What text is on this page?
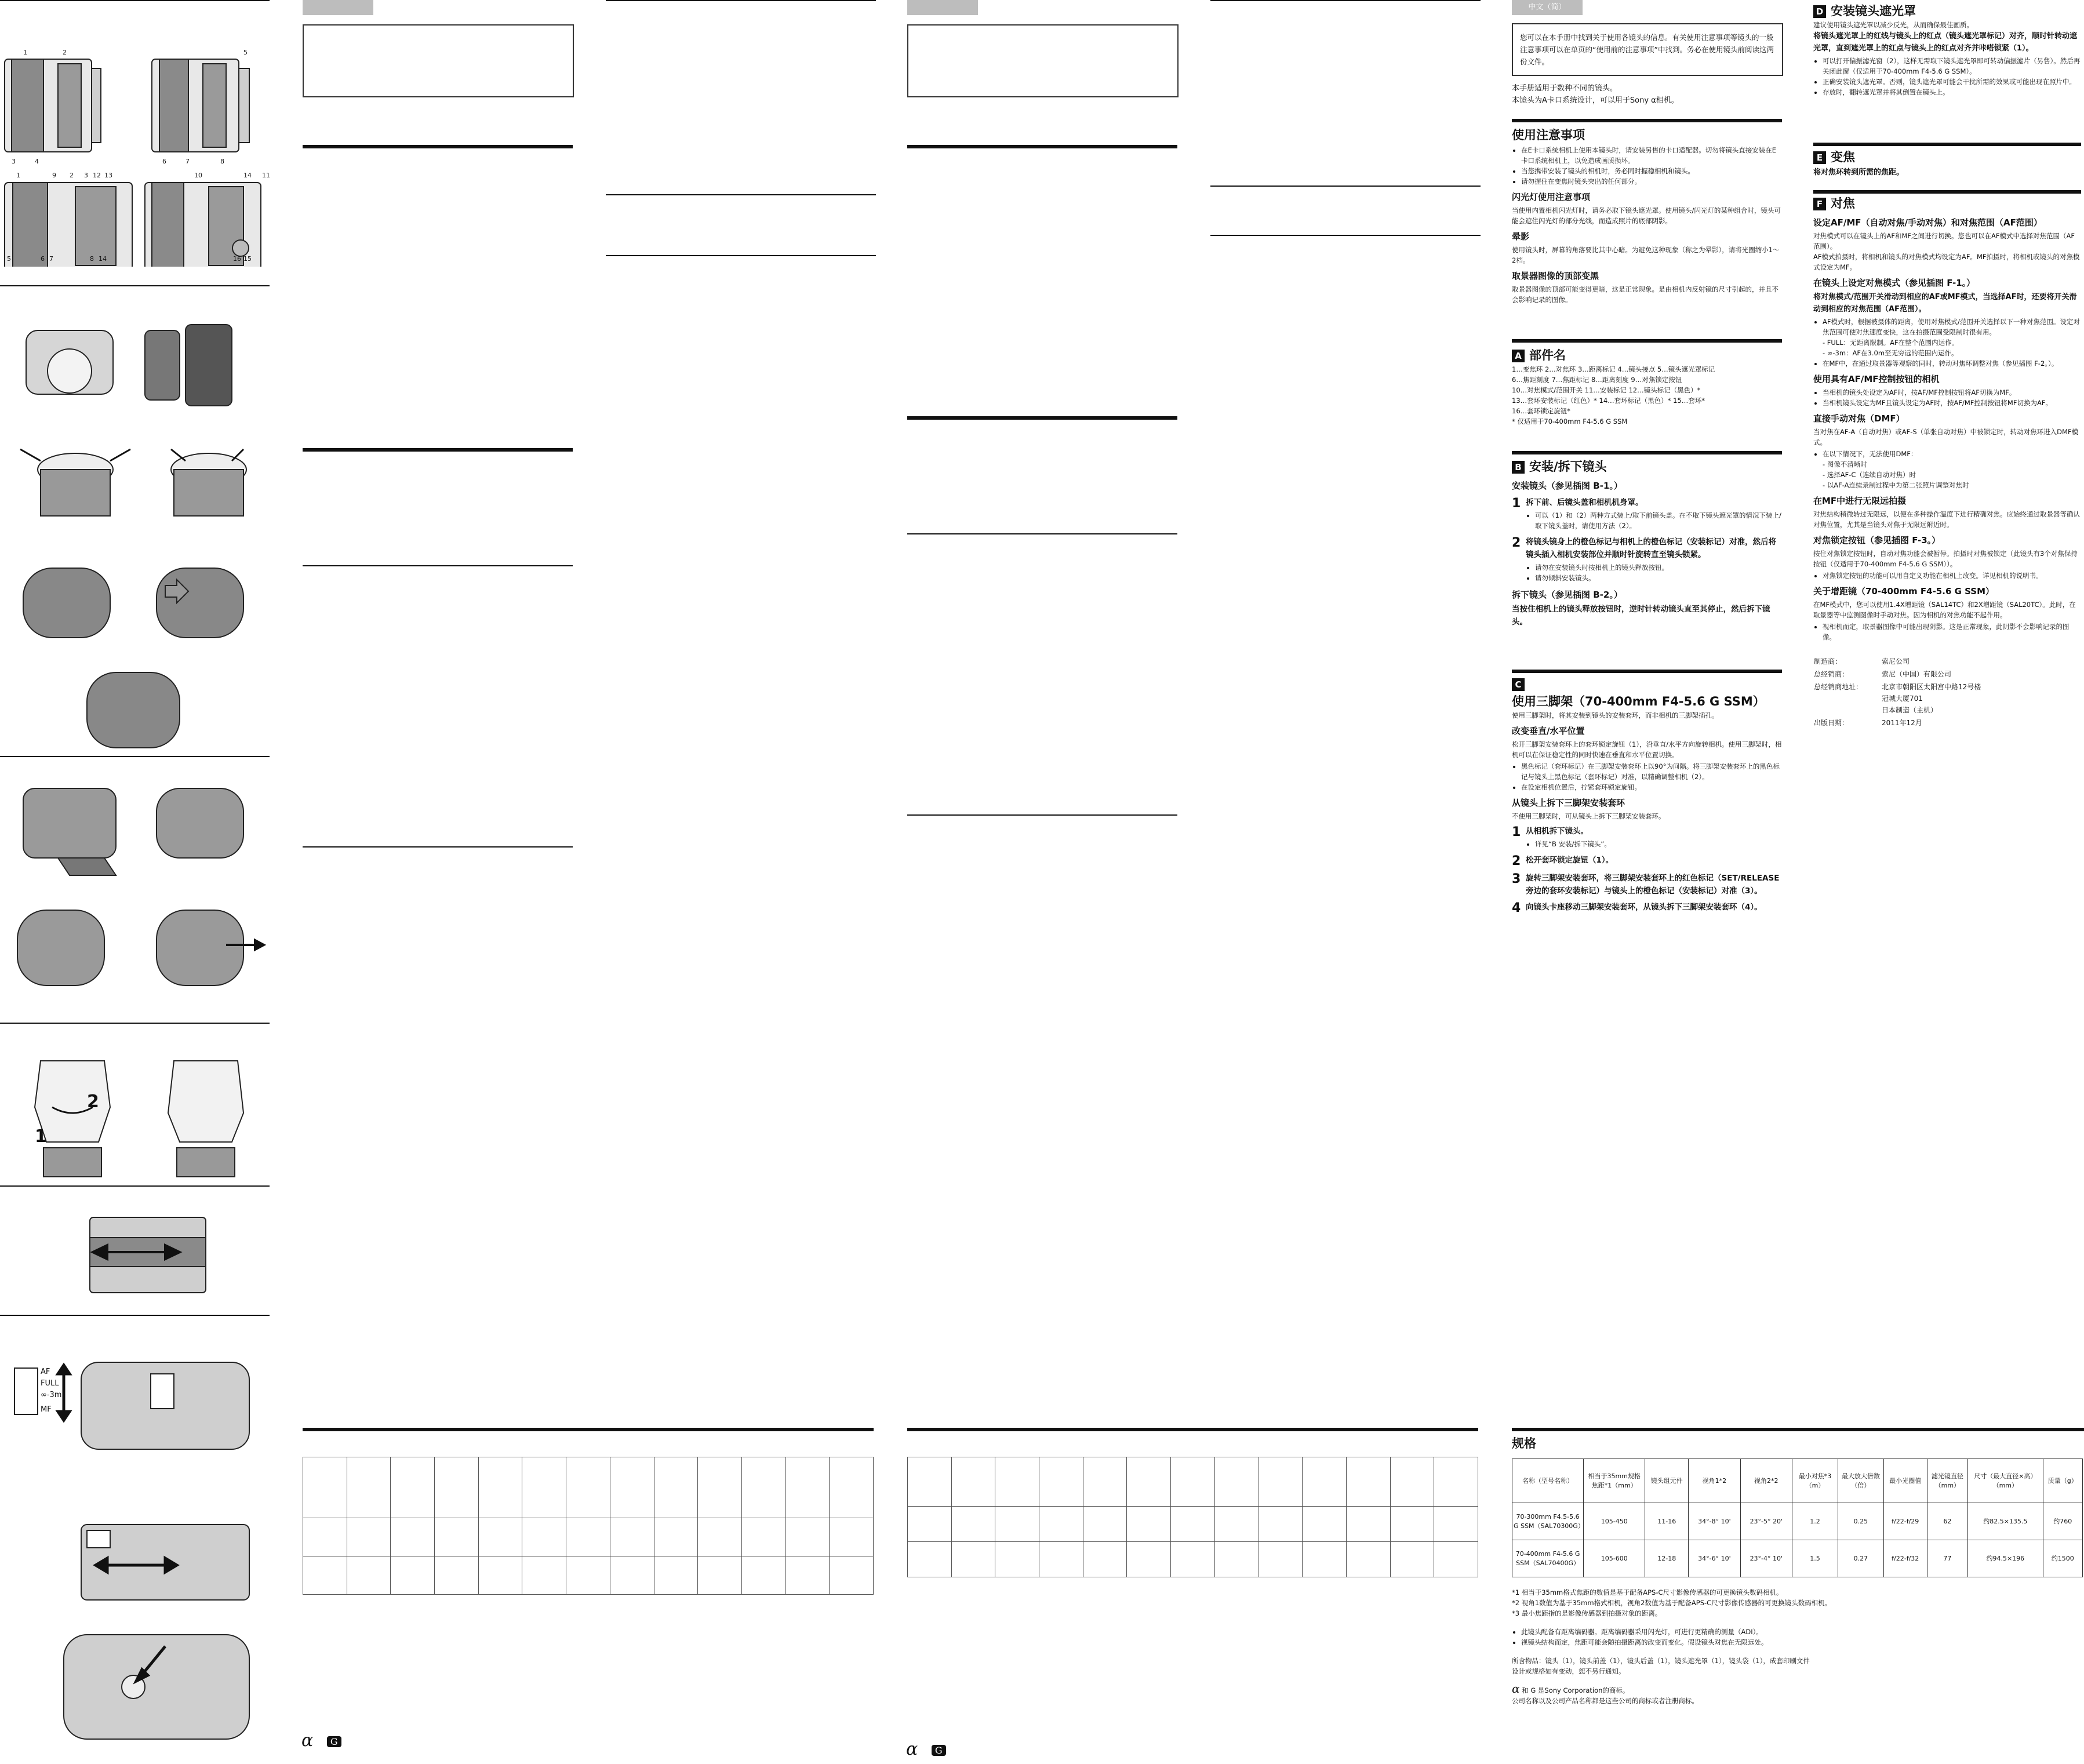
1	2
3	4
5
6	7	8
1	9 2 3 12 13	10	14 11
5	6 7	8 14	16 15
2
1
AF
FULL
∞-3m
MF

α G

													α G
中文（简）
您可以在本手册中找到关于使用各镜头的信息。有关使用注意事项等镜头的一般注意事项可以在单页的“使用前的注意事项”中找到。务必在使用镜头前阅读这两份文件。
本手册适用于数种不同的镜头。
本镜头为A卡口系统设计，可以用于Sony α相机。
使用注意事项
• 在E卡口系统相机上使用本镜头时，请安装另售的卡口适配器。切勿将镜头直接安装在E卡口系统相机上，以免造成画质损坏。
• 当您携带安装了镜头的相机时，务必同时握稳相机和镜头。
• 请勿握住在变焦时镜头突出的任何部分。
闪光灯使用注意事项
当使用内置相机闪光灯时，请务必取下镜头遮光罩。使用镜头/闪光灯的某种组合时，镜头可能会遮住闪光灯的部分光线，而造成照片的底部阴影。
晕影
使用镜头时，屏幕的角落要比其中心暗。为避免这种现象（称之为晕影），请将光圈缩小1～2档。
取景器图像的顶部变黑
取景器图像的顶部可能变得更暗，这是正常现象。是由相机内反射镜的尺寸引起的，并且不会影响记录的图像。
A 部件名
1…变焦环 2…对焦环 3…距离标记 4…镜头接点 5…镜头遮光罩标记
6…焦距刻度 7…焦距标记 8…距离刻度 9…对焦锁定按钮
10…对焦模式/范围开关 11…安装标记 12…镜头标记（黑色）*
13…套环安装标记（红色）* 14…套环标记（黑色）* 15…套环*
16…套环锁定旋钮*
* 仅适用于70-400mm F4-5.6 G SSM
B 安装/拆下镜头
安装镜头（参见插图 B-1。）
1 拆下前、后镜头盖和相机机身罩。
• 可以（1）和（2）两种方式装上/取下前镜头盖。在不取下镜头遮光罩的情况下装上/取下镜头盖时，请使用方法（2）。
2 将镜头镜身上的橙色标记与相机上的橙色标记（安装标记）对准，然后将镜头插入相机安装部位并顺时针旋转直至镜头锁紧。
• 请勿在安装镜头时按相机上的镜头释放按钮。
• 请勿倾斜安装镜头。
拆下镜头（参见插图 B-2。）
当按住相机上的镜头释放按钮时，逆时针转动镜头直至其停止，然后拆下镜头。
C使用三脚架（70-400mm F4-5.6 G SSM）
使用三脚架时，将其安装到镜头的安装套环，而非相机的三脚架插孔。
改变垂直/水平位置
松开三脚架安装套环上的套环锁定旋钮（1），沿垂直/水平方向旋转相机。使用三脚架时，相机可以在保证稳定性的同时快速在垂直和水平位置切换。
• 黑色标记（套环标记）在三脚架安装套环上以90°为间隔。将三脚架安装套环上的黑色标记与镜头上黑色标记（套环标记）对准，以精确调整相机（2）。
• 在设定相机位置后，拧紧套环锁定旋钮。
从镜头上拆下三脚架安装套环
不使用三脚架时，可从镜头上拆下三脚架安装套环。
1 从相机拆下镜头。
• 详见“B 安装/拆下镜头”。
2 松开套环锁定旋钮（1）。
3 旋转三脚架安装套环，将三脚架安装套环上的红色标记（SET/RELEASE旁边的套环安装标记）与镜头上的橙色标记（安装标记）对准（3）。
4 向镜头卡座移动三脚架安装套环，从镜头拆下三脚架安装套环（4）。
D 安装镜头遮光罩
建议使用镜头遮光罩以减少反光，从而确保最佳画质。
将镜头遮光罩上的红线与镜头上的红点（镜头遮光罩标记）对齐，顺时针转动遮光罩，直到遮光罩上的红点与镜头上的红点对齐并咔嗒锁紧（1）。
• 可以打开偏振滤光窗（2），这样无需取下镜头遮光罩即可转动偏振滤片（另售）。然后再关闭此窗（仅适用于70-400mm F4-5.6 G SSM）。
• 正确安装镜头遮光罩。否则，镜头遮光罩可能会干扰所需的效果或可能出现在照片中。
• 存放时，翻转遮光罩并将其倒置在镜头上。
E 变焦
将对焦环转到所需的焦距。
F 对焦
设定AF/MF（自动对焦/手动对焦）和对焦范围（AF范围）
对焦模式可以在镜头上的AF和MF之间进行切换。您也可以在AF模式中选择对焦范围（AF范围）。
AF模式拍摄时，将相机和镜头的对焦模式均设定为AF。MF拍摄时，将相机或镜头的对焦模式设定为MF。
在镜头上设定对焦模式（参见插图 F-1。）
将对焦模式/范围开关滑动到相应的AF或MF模式，当选择AF时，还要将开关滑动到相应的对焦范围（AF范围）。
• AF模式时，根据被摄体的距离，使用对焦模式/范围开关选择以下一种对焦范围。设定对焦范围可使对焦速度变快，这在拍摄范围受限制时很有用。
- FULL：无距离限制。AF在整个范围内运作。
- ∞-3m：AF在3.0m至无穷远的范围内运作。
• 在MF中，在通过取景器等观察的同时，转动对焦环调整对焦（参见插图 F-2。）。
使用具有AF/MF控制按钮的相机
• 当相机的镜头处设定为AF时，按AF/MF控制按钮将AF切换为MF。
• 当相机镜头设定为MF且镜头设定为AF时，按AF/MF控制按钮将MF切换为AF。
直接手动对焦（DMF）
当对焦在AF-A（自动对焦）或AF-S（单张自动对焦）中被锁定时，转动对焦环进入DMF模式。
• 在以下情况下，无法使用DMF：
- 图像不清晰时
- 选择AF-C（连续自动对焦）时
- 以AF-A连续录制过程中为第二张照片调整对焦时
在MF中进行无限远拍摄
对焦结构稍微转过无限远，以便在多种操作温度下进行精确对焦。应始终通过取景器等确认对焦位置，尤其是当镜头对焦于无限远附近时。
对焦锁定按钮（参见插图 F-3。）
按住对焦锁定按钮时，自动对焦功能会被暂停。拍摄时对焦被锁定（此镜头有3个对焦保持按钮（仅适用于70-400mm F4-5.6 G SSM））。
• 对焦锁定按钮的功能可以用自定义功能在相机上改变。详见相机的说明书。
关于增距镜（70-400mm F4-5.6 G SSM）
在MF模式中，您可以使用1.4X增距镜（SAL14TC）和2X增距镜（SAL20TC）。此时，在取景器等中监测图像时手动对焦。因为相机的对焦功能不起作用。
• 视相机而定，取景器图像中可能出现阴影。这是正常现象，此阴影不会影响记录的图像。
制造商：	索尼公司
总经销商：	索尼（中国）有限公司
总经销商地址：	北京市朝阳区太阳宫中路12号楼
冠城大厦701
日本制造（主机）

出版日期：	2011年12月
规格
名称（型号名称）	相当于35mm规格焦距*1（mm）	镜头组元件	视角1*2	视角2*2	最小对焦*3（m）	最大放大倍数（倍）	最小光圈值	滤光镜直径（mm）	尺寸（最大直径×高）（mm）	质量（g）
70-300mm F4.5-5.6 G SSM（SAL70300G）	105-450	11-16	34°-8° 10'	23°-5° 20'	1.2	0.25	f/22-f/29	62	约82.5×135.5	约760
70-400mm F4-5.6 G SSM（SAL70400G）	105-600	12-18	34°-6° 10'	23°-4° 10'	1.5	0.27	f/22-f/32	77	约94.5×196	约1500
*1 相当于35mm格式焦距的数值是基于配备APS-C尺寸影像传感器的可更换镜头数码相机。
*2 视角1数值为基于35mm格式相机，视角2数值为基于配备APS-C尺寸影像传感器的可更换镜头数码相机。
*3 最小焦距指的是影像传感器到拍摄对象的距离。
• 此镜头配备有距离编码器。距离编码器采用闪光灯，可进行更精确的测量（ADI）。
• 视镜头结构而定，焦距可能会随拍摄距离的改变而变化。假设镜头对焦在无限远处。
所含物品：镜头（1），镜头前盖（1），镜头后盖（1），镜头遮光罩（1），镜头袋（1），成套印刷文件
设计或规格如有变动，恕不另行通知。
α 和 G 是Sony Corporation的商标。
公司名称以及公司产品名称都是这些公司的商标或者注册商标。
